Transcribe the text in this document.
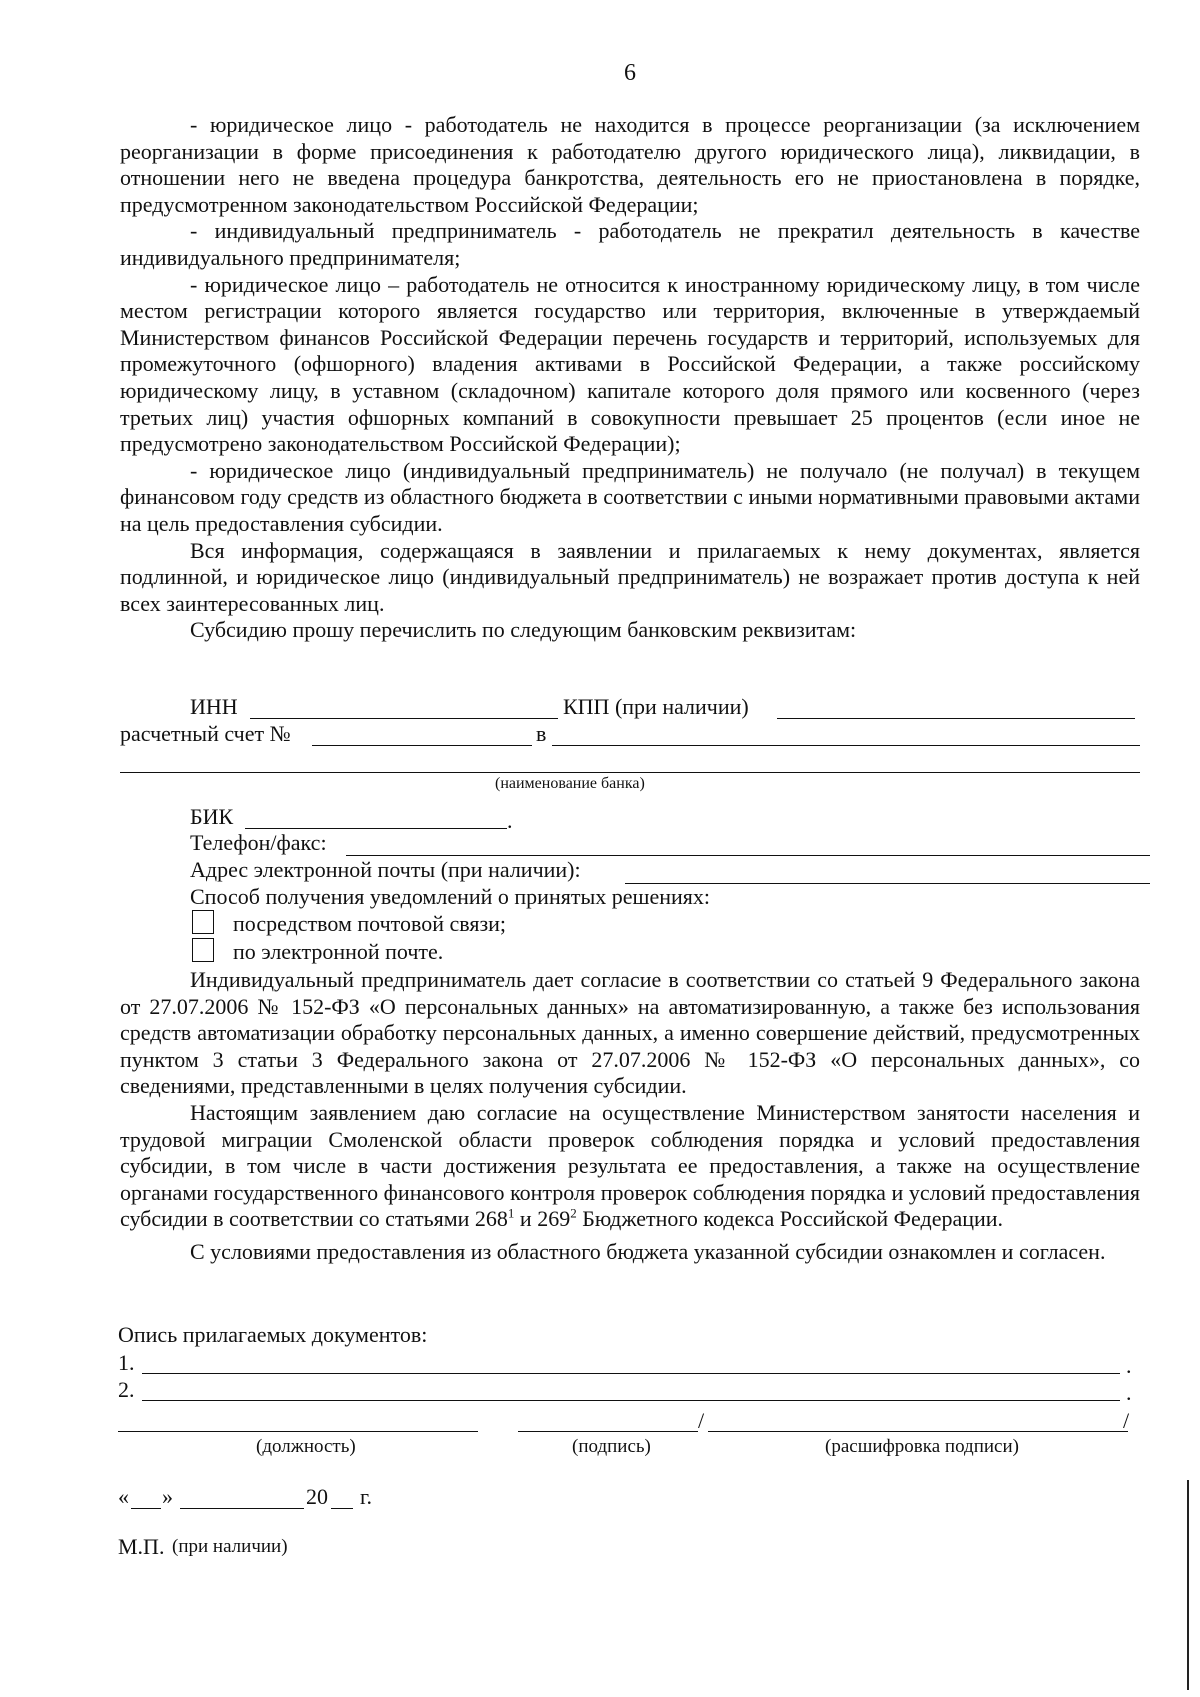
6

- юридическое лицо - работодатель не находится в процессе реорганизации (за исключением реорганизации в форме присоединения к работодателю другого юридического лица), ликвидации, в отношении него не введена процедура банкротства, деятельность его не приостановлена в порядке, предусмотренном законодательством Российской Федерации;

- индивидуальный предприниматель - работодатель не прекратил деятельность в качестве индивидуального предпринимателя;

- юридическое лицо – работодатель не относится к иностранному юридическому лицу, в том числе местом регистрации которого является государство или территория, включенные в утверждаемый Министерством финансов Российской Федерации перечень государств и территорий, используемых для промежуточного (офшорного) владения активами в Российской Федерации, а также российскому юридическому лицу, в уставном (складочном) капитале которого доля прямого или косвенного (через третьих лиц) участия офшорных компаний в совокупности превышает 25 процентов (если иное не предусмотрено законодательством Российской Федерации);

- юридическое лицо (индивидуальный предприниматель) не получало (не получал) в текущем финансовом году средств из областного бюджета в соответствии с иными нормативными правовыми актами на цель предоставления субсидии.

Вся информация, содержащаяся в заявлении и прилагаемых к нему документах, является подлинной, и юридическое лицо (индивидуальный предприниматель) не возражает против доступа к ней всех заинтересованных лиц.

Субсидию прошу перечислить по следующим банковским реквизитам:

ИНН	КПП (при наличии)
расчетный счет №	в
(наименование банка)
БИК	.
Телефон/факс:
Адрес электронной почты (при наличии):
Способ получения уведомлений о принятых решениях:
посредством почтовой связи;
по электронной почте.

Индивидуальный предприниматель дает согласие в соответствии со статьей 9 Федерального закона от 27.07.2006 № 152-ФЗ «О персональных данных» на автоматизированную, а также без использования средств автоматизации обработку персональных данных, а именно совершение действий, предусмотренных пунктом 3 статьи 3 Федерального закона от 27.07.2006 № 152-ФЗ «О персональных данных», со сведениями, представленными в целях получения субсидии.

Настоящим заявлением даю согласие на осуществление Министерством занятости населения и трудовой миграции Смоленской области проверок соблюдения порядка и условий предоставления субсидии, в том числе в части достижения результата ее предоставления, а также на осуществление органами государственного финансового контроля проверок соблюдения порядка и условий предоставления субсидии в соответствии со статьями $268^1$ и $269^2$ Бюджетного кодекса Российской Федерации.

С условиями предоставления из областного бюджета указанной субсидии ознакомлен и согласен.

Опись прилагаемых документов:
1.	.
2.	.
/	/
(должность)	(подпись)	(расшифровка подписи)
« »	20 г.
М.П. (при наличии)
